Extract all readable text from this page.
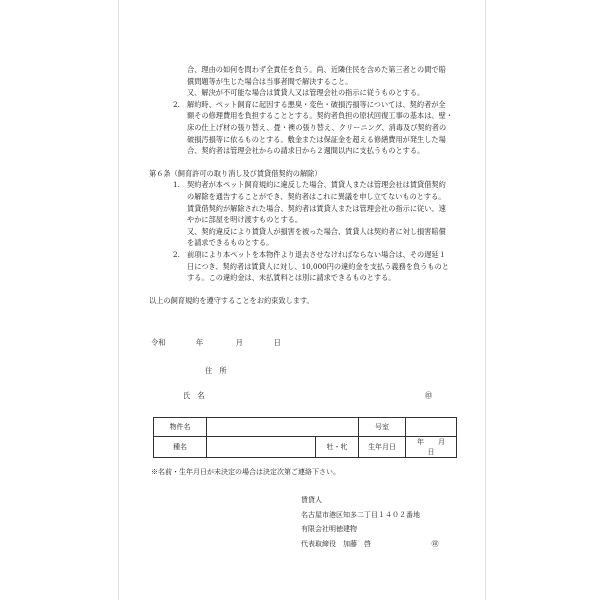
合、理由の如何を問わず全責任を負う。尚、近隣住民を含めた第三者との間で賠

償問題等が生じた場合は当事者間で解決すること。

又、解決が不可能な場合は賃貸人又は管理会社の指示に従うものとする。

2. 解約時、ペット飼育に起因する悪臭・変色・破損汚損等については、契約者が全

額その修理費用を負担することとする。契約者負担の原状回復工事の基本は、壁・

床の仕上げ材の張り替え、畳・襖の張り替え、クリーニング、消毒及び契約者の

破損汚損等に依るものとする。敷金または保証金を超える修繕費用が発生した場

合、契約者は管理会社からの請求日から２週間以内に支払うものとする。

第６条（飼育許可の取り消し及び賃貸借契約の解除）

1. 契約者が本ペット飼育規約に違反した場合、賃貸人または管理会社は賃貸借契約

の解除を通告することができ、契約者はこれに異議を申し立てないものとする。

賃貸借契約が解除された場合、契約者は賃貸人または管理会社の指示に従い、速

やかに部屋を明け渡すものとする。

又、契約違反により賃貸人が損害を被った場合、賃貸人は契約者に対し損害賠償

を請求できるものとする。

2. 前項により本ペットを本物件より退去させなければならない場合は、その遅延１

日につき、契約者は賃貸人に対し、10,000円の違約金を支払う義務を負うものと

する。この違約金は、未払賃料とは別に請求できるものとする。

以上の飼育規約を遵守することをお約束致します。

令和	年	月	日
住　所
氏　名	㊞
物件名			号室	
種名		牡・牝	生年月日	年　　月　　日
※名前・生年月日が未決定の場合は決定次第ご連絡下さい。
賃貸人
名古屋市港区知多二丁目１４０２番地
有限会社明徳建物
代表取締役　加藤　啓	㊞
